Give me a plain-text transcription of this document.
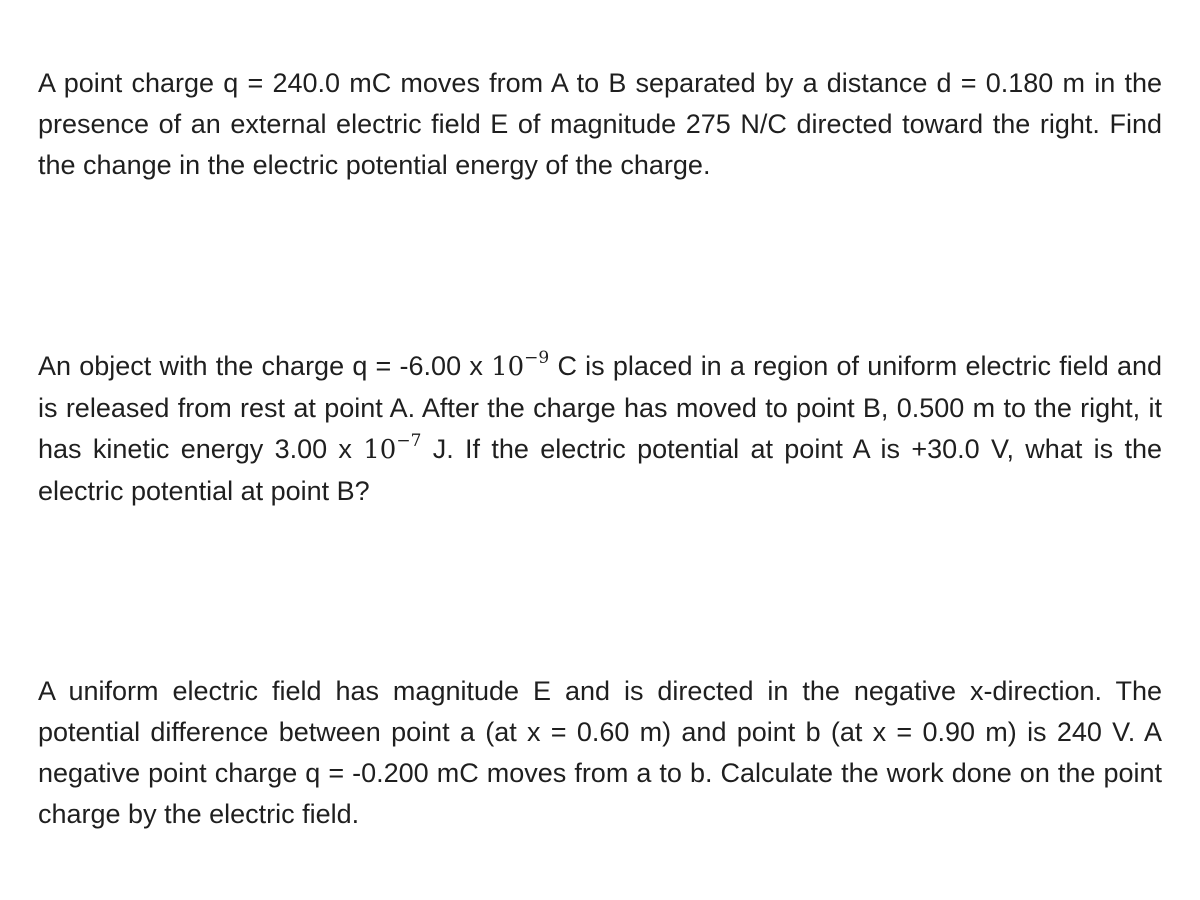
A point charge q = 240.0 mC moves from A to B separated by a distance d = 0.180 m in the presence of an external electric field E of magnitude 275 N/C directed toward the right. Find the change in the electric potential energy of the charge.

An object with the charge q = -6.00 x $10^{-9}$ C is placed in a region of uniform electric field and is released from rest at point A. After the charge has moved to point B, 0.500 m to the right, it has kinetic energy 3.00 x $10^{-7}$ J. If the electric potential at point A is +30.0 V, what is the electric potential at point B?

A uniform electric field has magnitude E and is directed in the negative x-direction. The potential difference between point a (at x = 0.60 m) and point b (at x = 0.90 m) is 240 V. A negative point charge q = -0.200 mC moves from a to b. Calculate the work done on the point charge by the electric field.
